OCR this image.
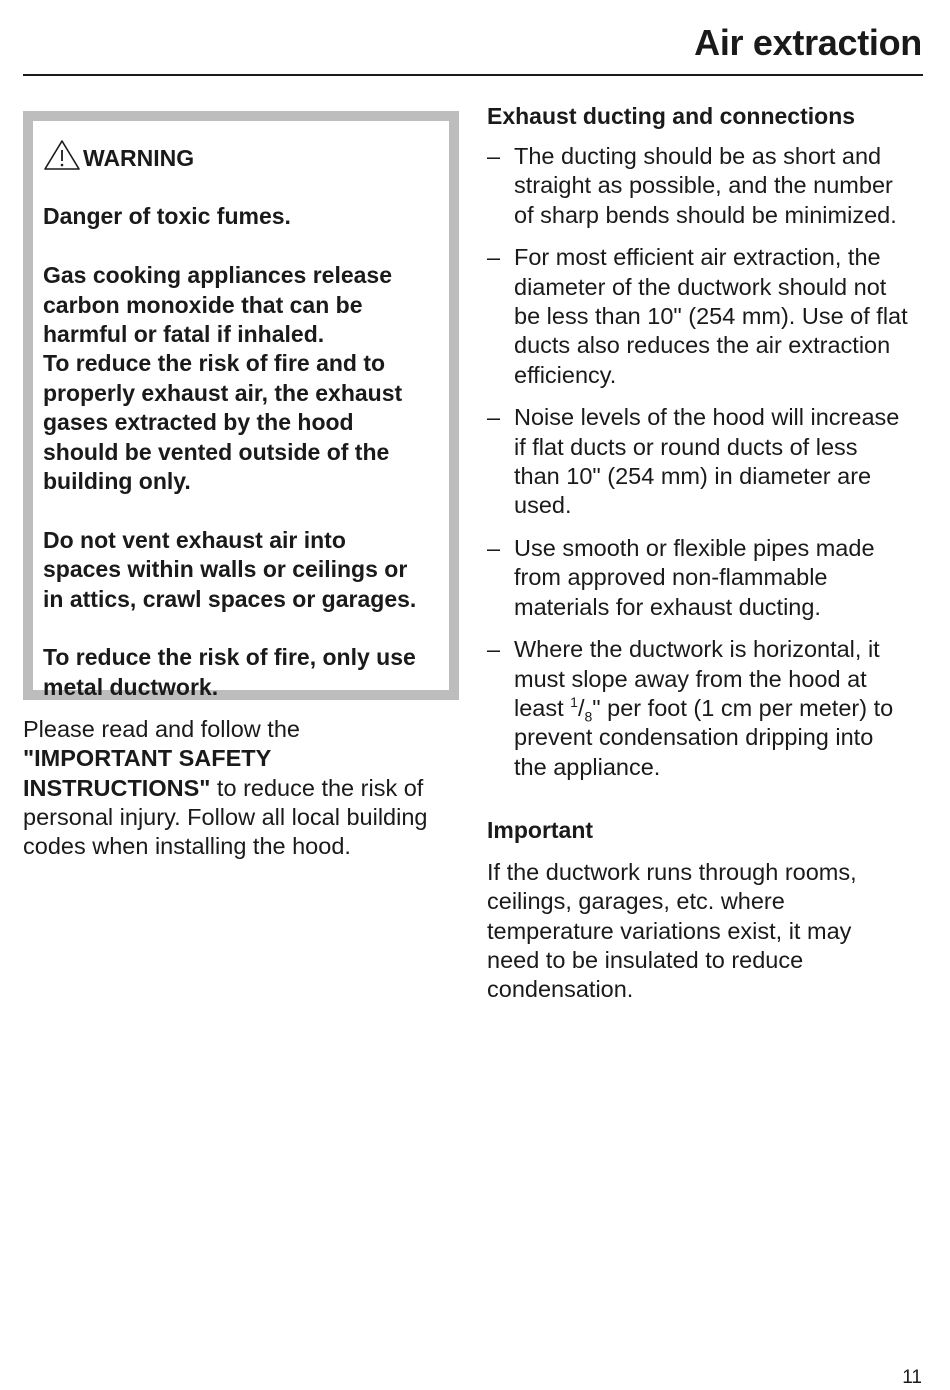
Air extraction

WARNING

Danger of toxic fumes.

Gas cooking appliances release
carbon monoxide that can be
harmful or fatal if inhaled.
To reduce the risk of fire and to
properly exhaust air, the exhaust
gases extracted by the hood
should be vented outside of the
building only.

Do not vent exhaust air into
spaces within walls or ceilings or
in attics, crawl spaces or garages.

To reduce the risk of fire, only use
metal ductwork.

Please read and follow the
"IMPORTANT SAFETY
INSTRUCTIONS" to reduce the risk of
personal injury. Follow all local building
codes when installing the hood.

Exhaust ducting and connections
– The ducting should be as short and
straight as possible, and the number
of sharp bends should be minimized.
– For most efficient air extraction, the
diameter of the ductwork should not
be less than 10" (254 mm). Use of flat
ducts also reduces the air extraction
efficiency.
– Noise levels of the hood will increase
if flat ducts or round ducts of less
than 10" (254 mm) in diameter are
used.
– Use smooth or flexible pipes made
from approved non-flammable
materials for exhaust ducting.
– Where the ductwork is horizontal, it
must slope away from the hood at
least $^1/_8$" per foot (1 cm per meter) to
prevent condensation dripping into
the appliance.
Important

If the ductwork runs through rooms,
ceilings, garages, etc. where
temperature variations exist, it may
need to be insulated to reduce
condensation.

11
